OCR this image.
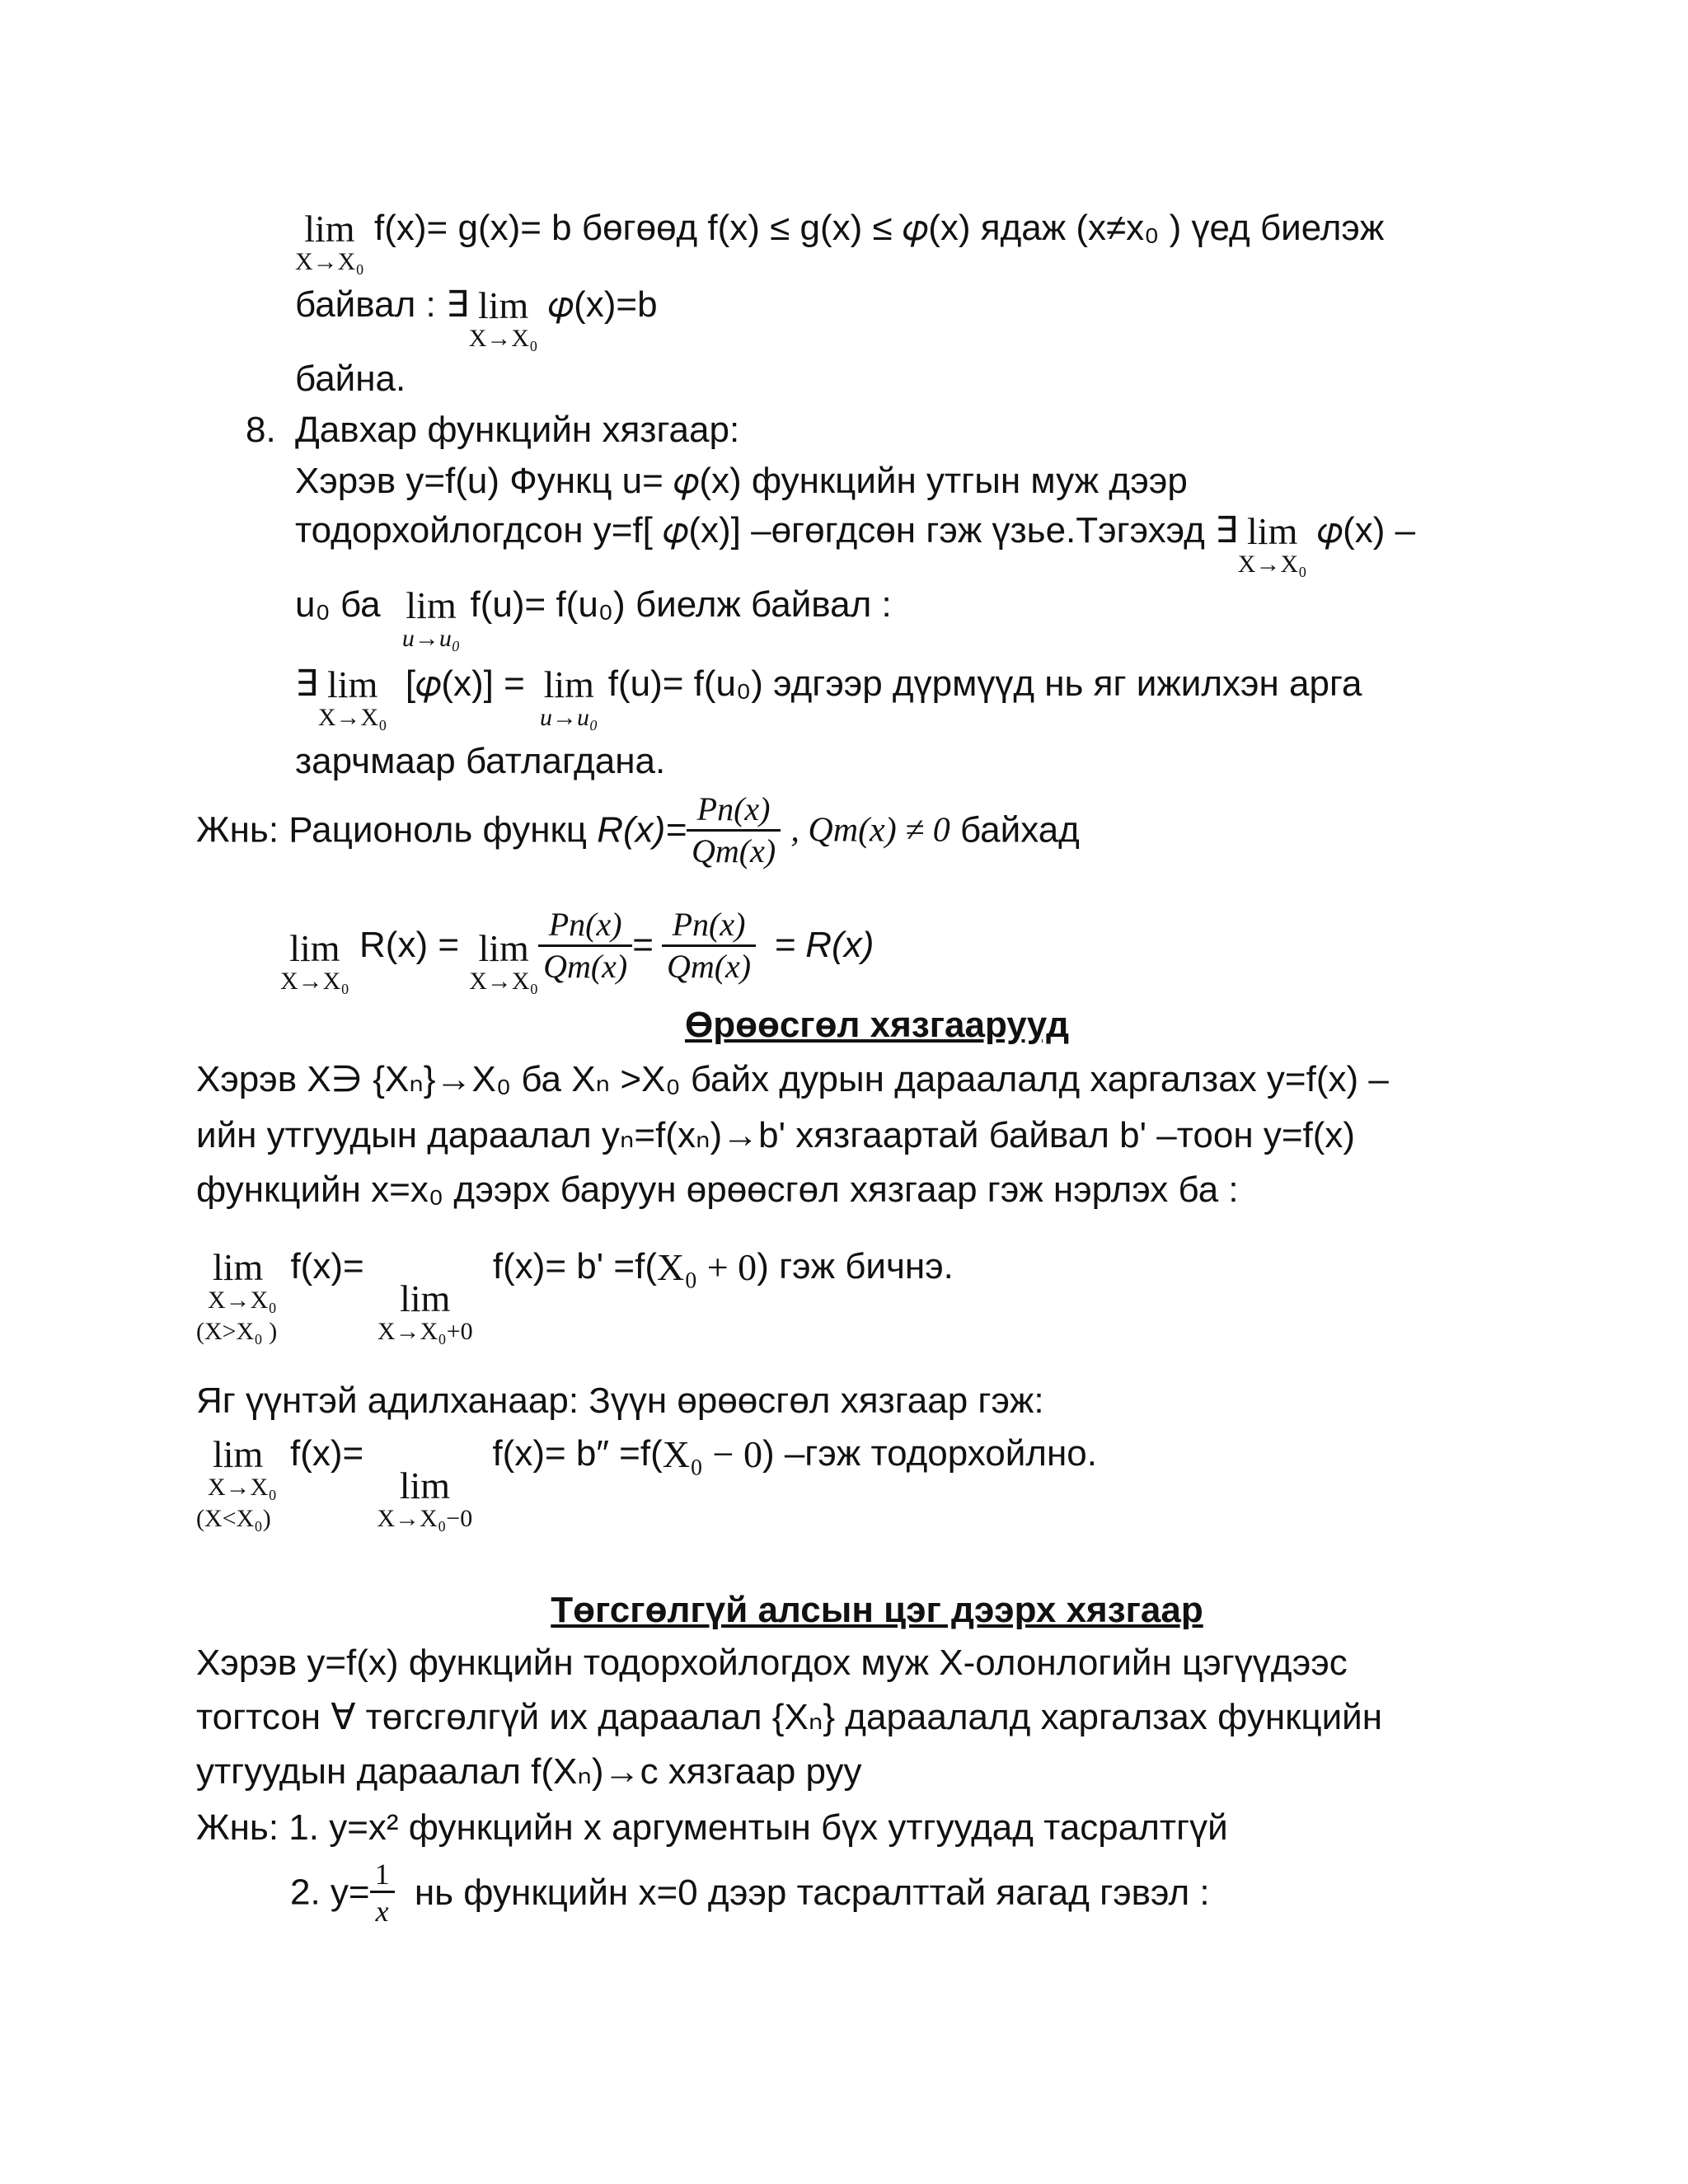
lim
X→X₀
f(x)= g(x)= b бөгөөд f(x) ≤ g(x) ≤ 𝜑(x) ядаж (x≠x₀ ) үед биелэж
байвал : ∃ lim
X→X₀
𝜑(x)=b
байна.
8. Давхар функцийн хязгаар:
Хэрэв y=f(u) Функц u= 𝜑(x) функцийн утгын муж дээр
тодорхойлогдсон y=f[ 𝜑(x)] –өгөгдсөн гэж үзье.Тэгэхэд ∃ lim
X→X₀
𝜑(x) –
u₀ ба lim
u→u₀
f(u)= f(u₀) биелж байвал :
∃ lim
X→X₀
[𝜑(x)] = lim
u→u₀
f(u)= f(u₀) эдгээр дүрмүүд нь яг ижилхэн арга
зарчмаар батлагдана.
Жнь: Рационоль функц $R(x)= \frac{Pn(x)}{Qm(x)}$ , Qm(x) ≠ 0 байхад
lim
X→X₀
R(x) = lim
$X\to X_0 \frac{Pn(x)}{Qm(x)} = \frac{Pn(x)}{Qm(x)} = R(x)$
Өрөөсгөл хязгаарууд
Хэрэв X∋ {Xₙ}→X₀ ба Xₙ >X₀ байх дурын дараалалд харгалзах y=f(x) –
ийн утгуудын дараалал yₙ=f(xₙ)→b' хязгаартай байвал b' –тоон y=f(x)
функцийн x=x₀ дээрх баруун өрөөсгөл хязгаар гэж нэрлэх ба :
lim
X→X₀
(X>X₀ )
f(x)=
lim
X→X₀+0
f(x)= b' =f(X₀ + 0) гэж бичнэ.
Яг үүнтэй адилханаар: Зүүн өрөөсгөл хязгаар гэж:
lim
X→X₀
(X<X₀)
f(x)=
lim
X→X₀−0
f(x)= b″ =f(X₀ − 0) –гэж тодорхойлно.
Төгсгөлгүй алсын цэг дээрх хязгаар
Хэрэв y=f(x) функцийн тодорхойлогдох муж X-олонлогийн цэгүүдээс
тогтсон ∀ төгсгөлгүй их дараалал {Xₙ} дараалалд харгалзах функцийн
утгуудын дараалал f(Xₙ)→c хязгаар руу
Жнь: 1. y=x² функцийн x аргументын бүх утгуудад тасралтгүй
2. $y= \frac{1}{x}$ нь функцийн x=0 дээр тасралттай яагад гэвэл :
